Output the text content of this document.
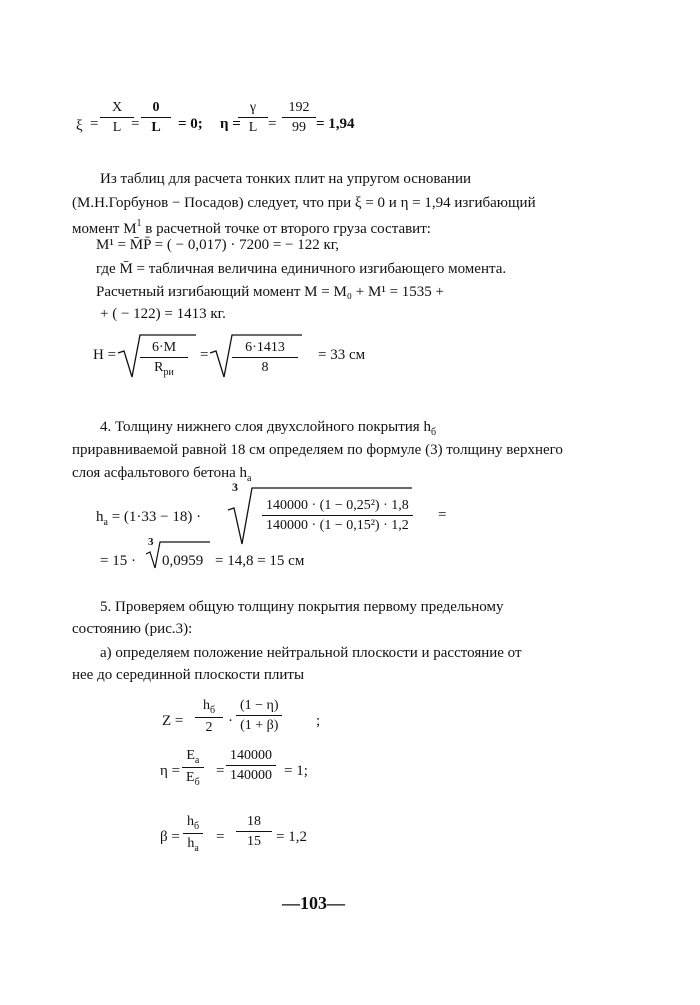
$\xi = \frac{X}{L}$
= $\frac{0}{L} = 0$; η =
$\frac{\gamma}{L} = \frac{192}{99} = 1,94$
Из таблиц для расчета тонких плит на упругом основании
(М.Н.Горбунов − Посадов) следует, что при ξ = 0 и η = 1,94 изгибающий
момент $M^1$ в расчетной точке от второго груза составит:
M¹ = M̄P̄ = ( − 0,017) · 7200 = − 122 кг,
где M̄ = табличная величина единичного изгибающего момента.
Расчетный изгибающий момент M = M₀ + M¹ = 1535 +
+ ( − 122) = 1413 кг.
H =	6·M
$R_{ри}$
= $\frac{6\cdot 1413}{8} = 33$ см
4. Толщину нижнего слоя двухслойного покрытия $h_б$
приравниваемой равной 18 см определяем по формуле (3) толщину верхнего
слоя асфальтового бетона $h_а$
$h_а = (1\cdot 33 - 18)$ ·
3
$\frac{\text{140000 · (1 − 0,25²) · 1,8}}{\text{140000 · (1 − 0,15²) · 1,2}}$ =
= 15 ·
3
0,0959 = 14,8 = 15 см
5. Проверяем общую толщину покрытия первому предельному
состоянию (рис.3):
а) определяем положение нейтральной плоскости и расстояние от
нее до серединной плоскости плиты
Z =
$h_б$
2	· $\frac{(1 - \eta)}{(1 + \beta)}$ ;
η =
$E_а$
$E_б$
= $\frac{140000}{140000} = 1$;
β =
$h_б$
$h_а$
= $\frac{18}{15} = 1,2$
—103—
